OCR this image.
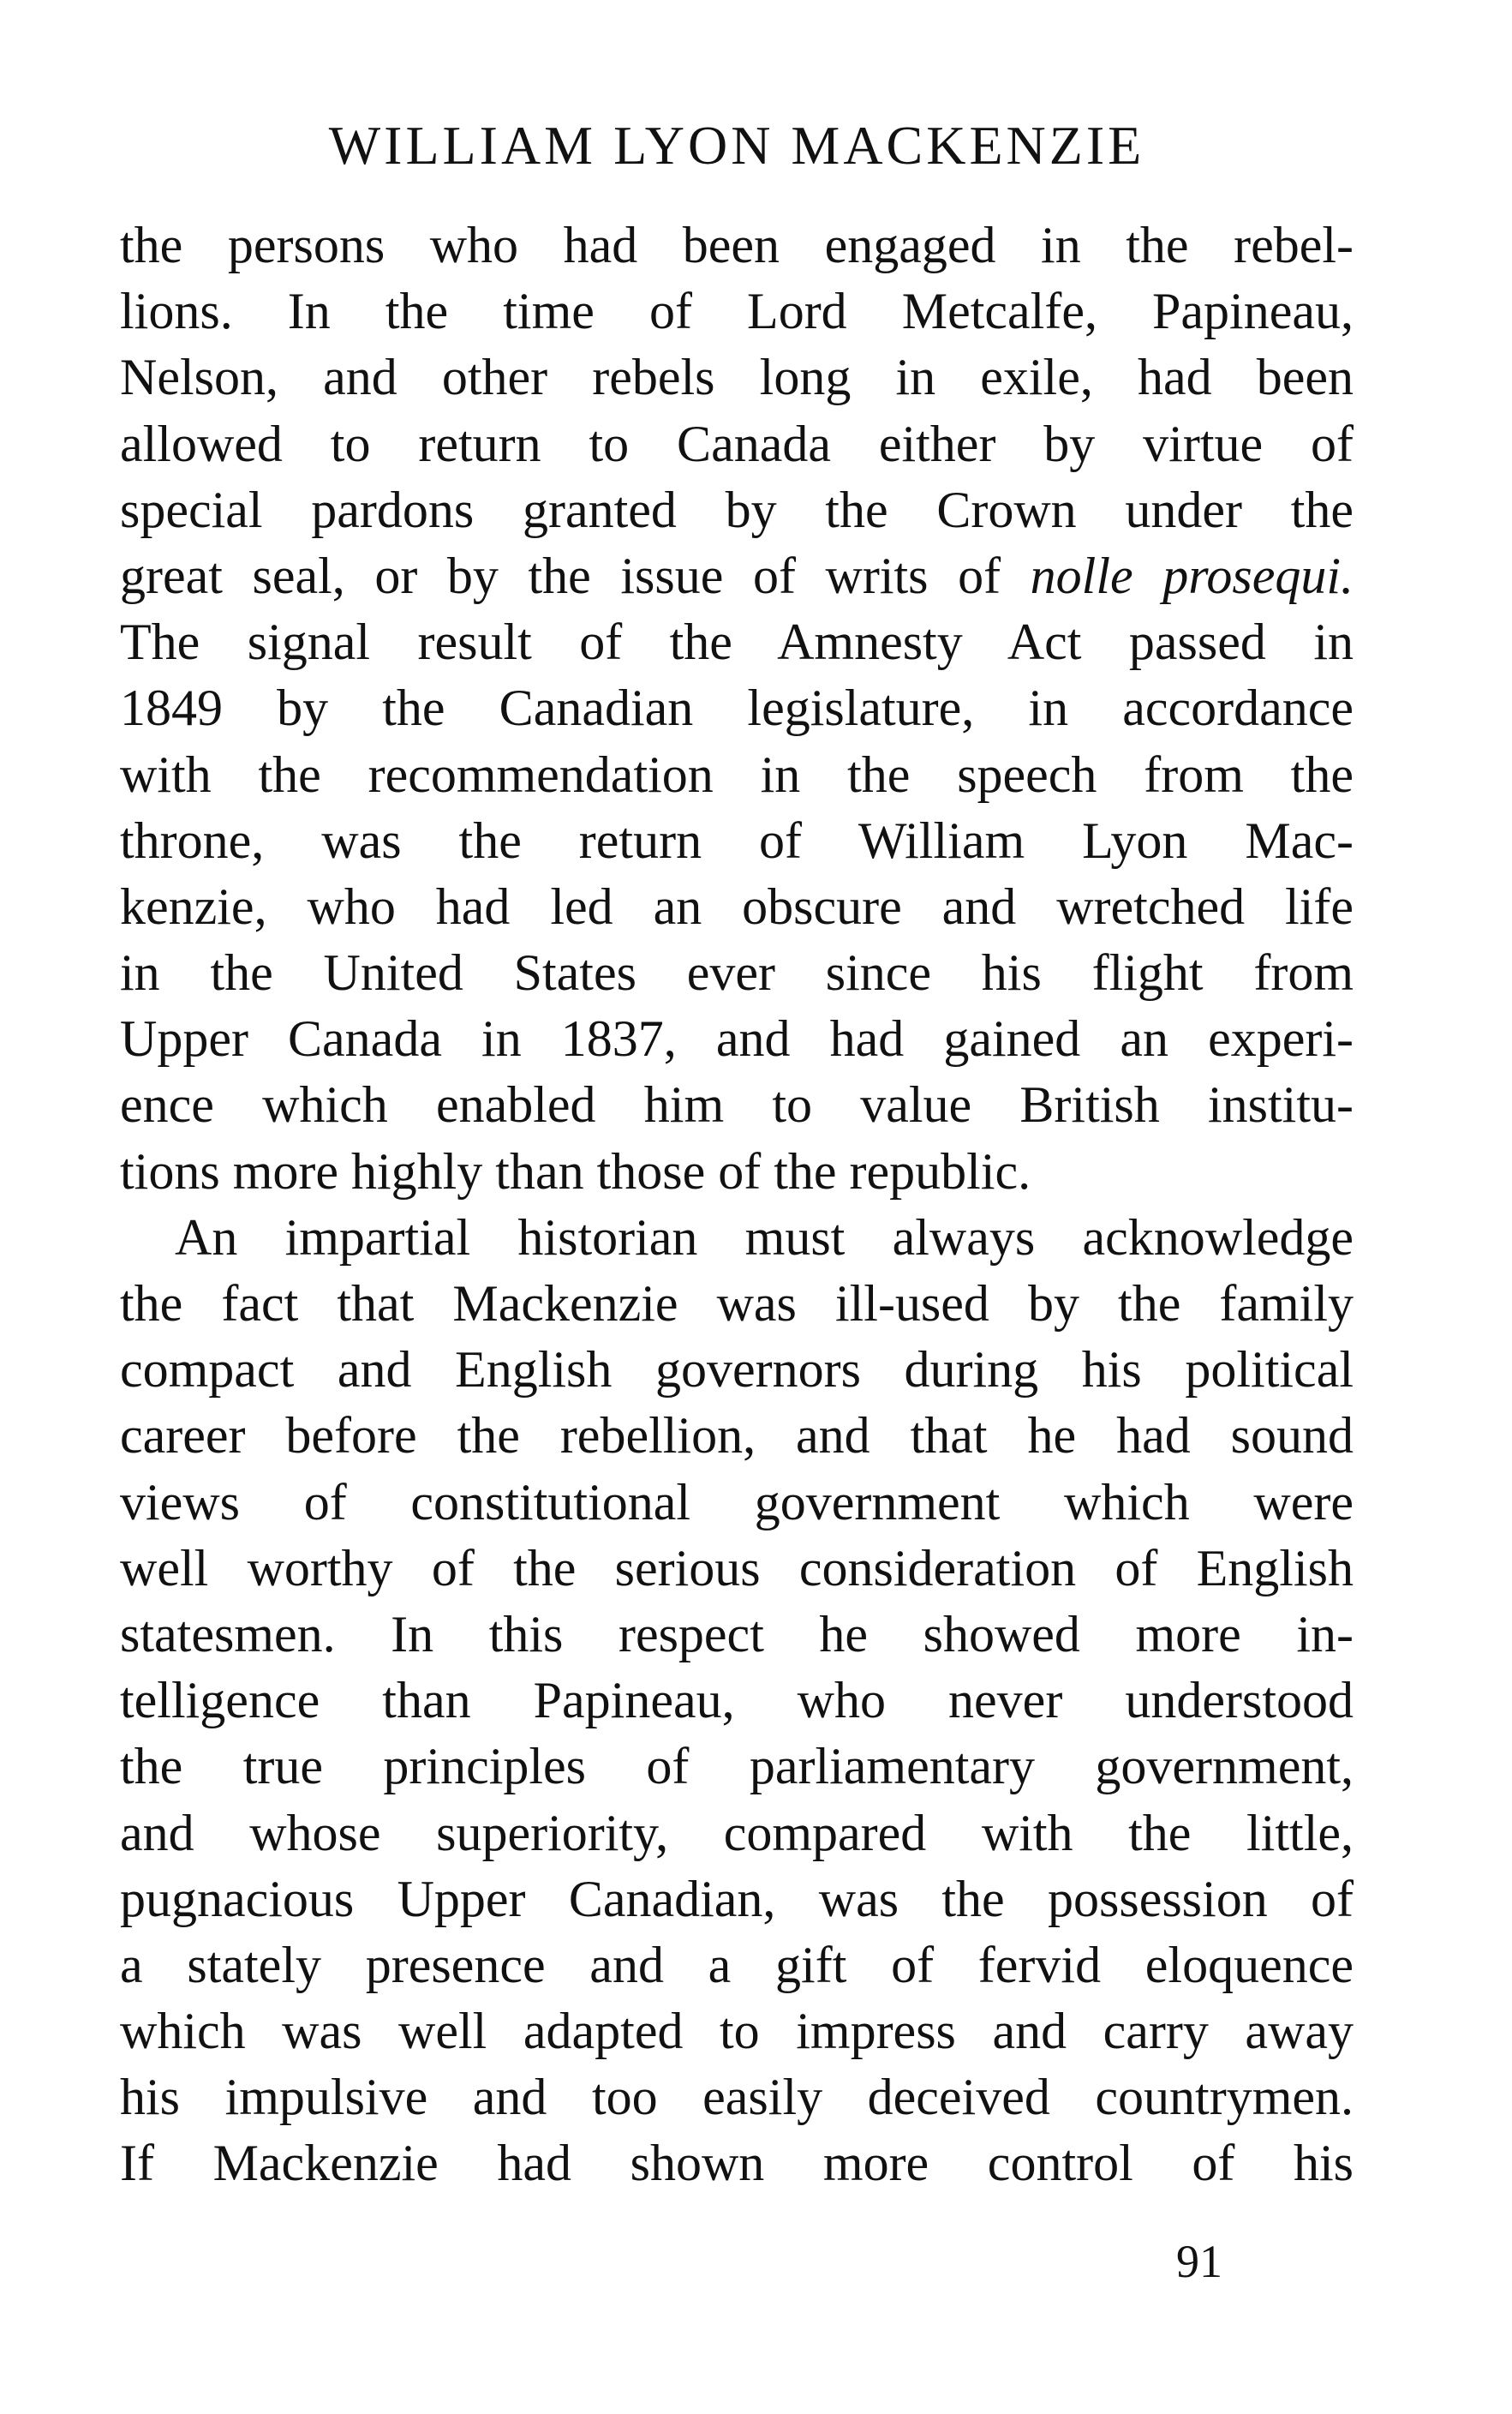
WILLIAM LYON MACKENZIE
the persons who had been engaged in the rebel-
lions. In the time of Lord Metcalfe, Papineau,
Nelson, and other rebels long in exile, had been
allowed to return to Canada either by virtue of
special pardons granted by the Crown under the
great seal, or by the issue of writs of nolle prosequi.
The signal result of the Amnesty Act passed in
1849 by the Canadian legislature, in accordance
with the recommendation in the speech from the
throne, was the return of William Lyon Mac-
kenzie, who had led an obscure and wretched life
in the United States ever since his flight from
Upper Canada in 1837, and had gained an experi-
ence which enabled him to value British institu-
tions more highly than those of the republic.
An impartial historian must always acknowledge
the fact that Mackenzie was ill-used by the family
compact and English governors during his political
career before the rebellion, and that he had sound
views of constitutional government which were
well worthy of the serious consideration of English
statesmen. In this respect he showed more in-
telligence than Papineau, who never understood
the true principles of parliamentary government,
and whose superiority, compared with the little,
pugnacious Upper Canadian, was the possession of
a stately presence and a gift of fervid eloquence
which was well adapted to impress and carry away
his impulsive and too easily deceived countrymen.
If Mackenzie had shown more control of his
91
